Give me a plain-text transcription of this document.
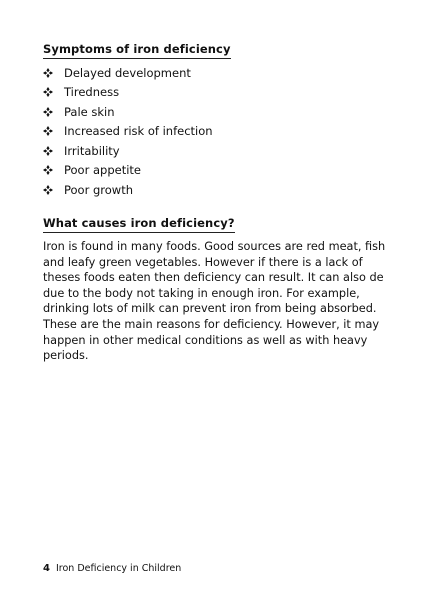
Symptoms of iron deficiency
Delayed development
Tiredness
Pale skin
Increased risk of infection
Irritability
Poor appetite
Poor growth
What causes iron deficiency?

Iron is found in many foods. Good sources are red meat, fish and leafy green vegetables. However if there is a lack of theses foods eaten then deficiency can result. It can also de due to the body not taking in enough iron. For example, drinking lots of milk can prevent iron from being absorbed. These are the main reasons for deficiency. However, it may happen in other medical conditions as well as with heavy periods.

4 Iron Deficiency in Children
